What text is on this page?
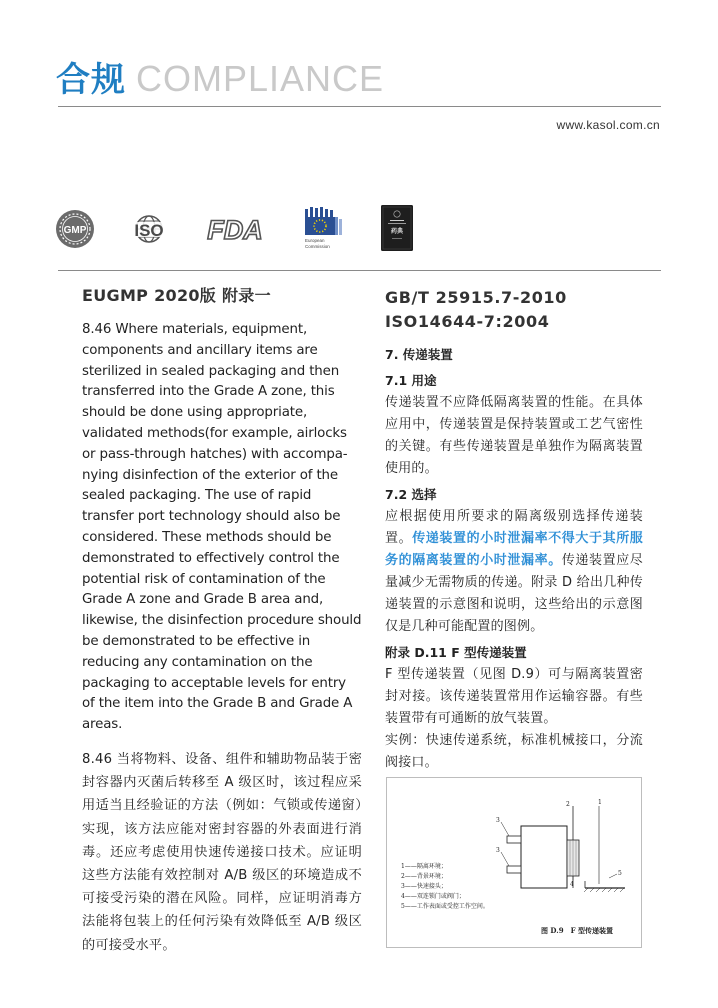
合规 COMPLIANCE
www.kasol.com.cn
GMP	ISO FDA	European
Commission
药典
EUGMP 2020版 附录一

8.46 Where materials, equipment, components and ancillary items are sterilized in sealed packaging and then transferred into the Grade A zone, this should be done using appropriate, validated methods(for example, airlocks or pass-through hatches) with accompa-nying disinfection of the exterior of the sealed packaging. The use of rapid transfer port technology should also be considered. These methods should be demonstrated to effectively control the potential risk of contamination of the Grade A zone and Grade B area and, likewise, the disinfection procedure should be demonstrated to be effective in reducing any contamination on the packaging to acceptable levels for entry of the item into the Grade B and Grade A areas.

8.46 当将物料、设备、组件和辅助物品装于密封容器内灭菌后转移至 A 级区时，该过程应采用适当且经验证的方法（例如：气锁或传递窗）实现，该方法应能对密封容器的外表面进行消毒。还应考虑使用快速传递接口技术。应证明这些方法能有效控制对 A/B 级区的环境造成不可接受污染的潜在风险。同样，应证明消毒方法能将包装上的任何污染有效降低至 A/B 级区的可接受水平。

GB/T 25915.7-2010
ISO14644-7:2004
7. 传递装置
7.1 用途

传递装置不应降低隔离装置的性能。在具体应用中，传递装置是保持装置或工艺气密性的关键。有些传递装置是单独作为隔离装置使用的。

7.2 选择

应根据使用所要求的隔离级别选择传递装置。传递装置的小时泄漏率不得大于其所服务的隔离装置的小时泄漏率。传递装置应尽量减少无需物质的传递。附录 D 给出几种传递装置的示意图和说明，这些给出的示意图仅是几种可能配置的图例。

附录 D.11 F 型传递装置

F 型传递装置（见图 D.9）可与隔离装置密封对接。该传递装置常用作运输容器。有些装置带有可通断的放气装置。

实例：快速传递系统，标准机械接口，分流阀接口。

2	1
3
3
4
5
1——隔离环境；
2——背景环境；
3——快速接头；
4——双连锁门或阀门；
5——工作表面或受控工作空间。
图 D.9　F 型传递装置
